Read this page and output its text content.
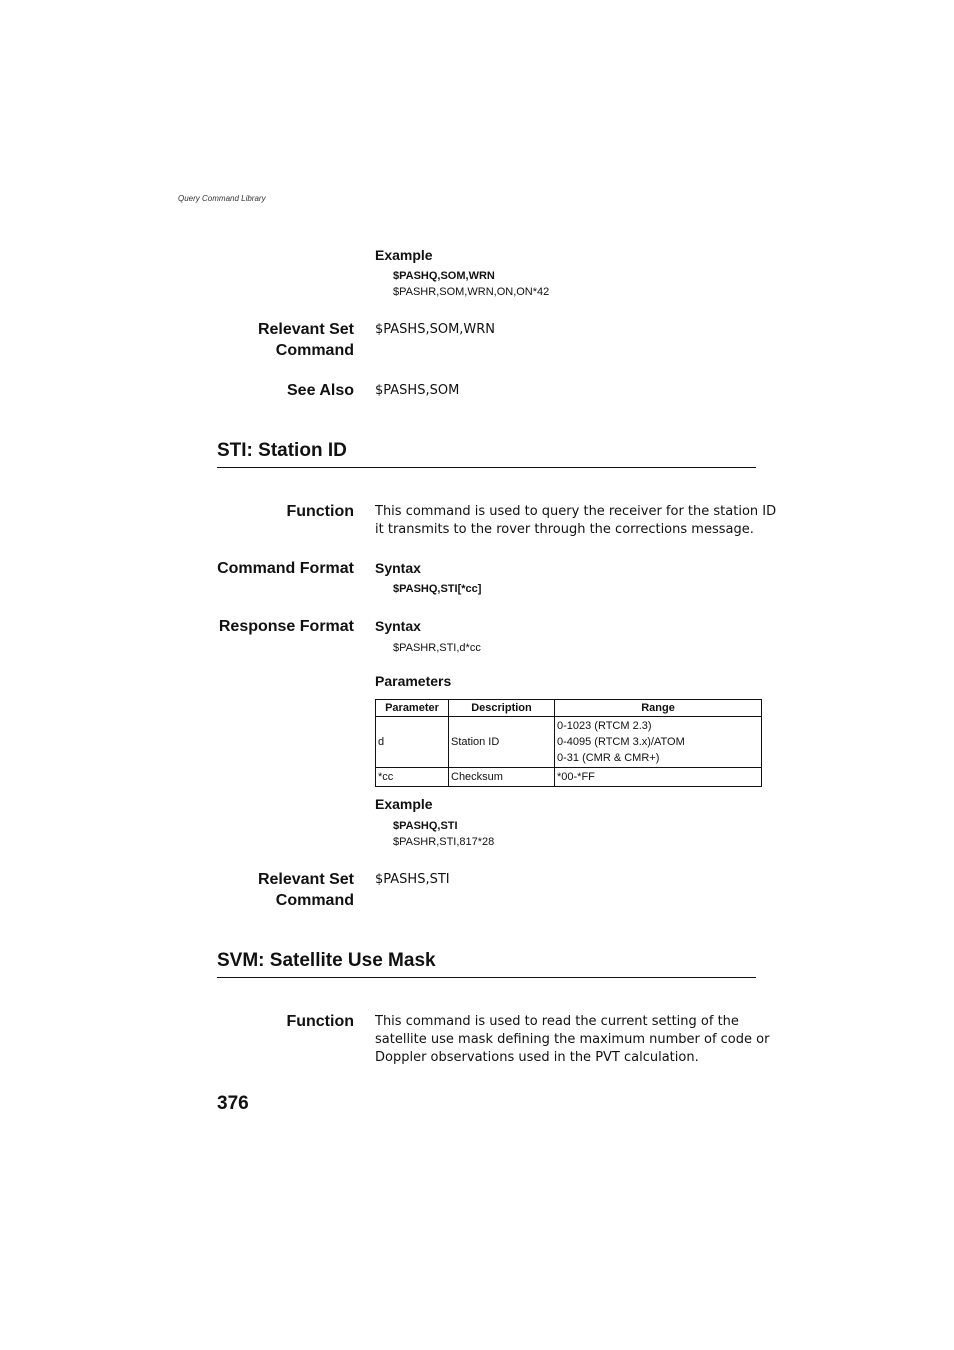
Query Command Library
Example
$PASHQ,SOM,WRN
$PASHR,SOM,WRN,ON,ON*42
Relevant Set
Command
$PASHS,SOM,WRN
See Also $PASHS,SOM
STI: Station ID
Function This command is used to query the receiver for the station ID
it transmits to the rover through the corrections message.
Command Format Syntax
$PASHQ,STI[*cc]
Response Format Syntax
$PASHR,STI,d*cc
Parameters
Parameter	Description	Range
d	Station ID	0-1023 (RTCM 2.3)
0-4095 (RTCM 3.x)/ATOM
0-31 (CMR & CMR+)

*cc	Checksum	*00-*FF
Example
$PASHQ,STI
$PASHR,STI,817*28
Relevant Set
Command
$PASHS,STI
SVM: Satellite Use Mask
Function This command is used to read the current setting of the
satellite use mask defining the maximum number of code or
Doppler observations used in the PVT calculation.
376
